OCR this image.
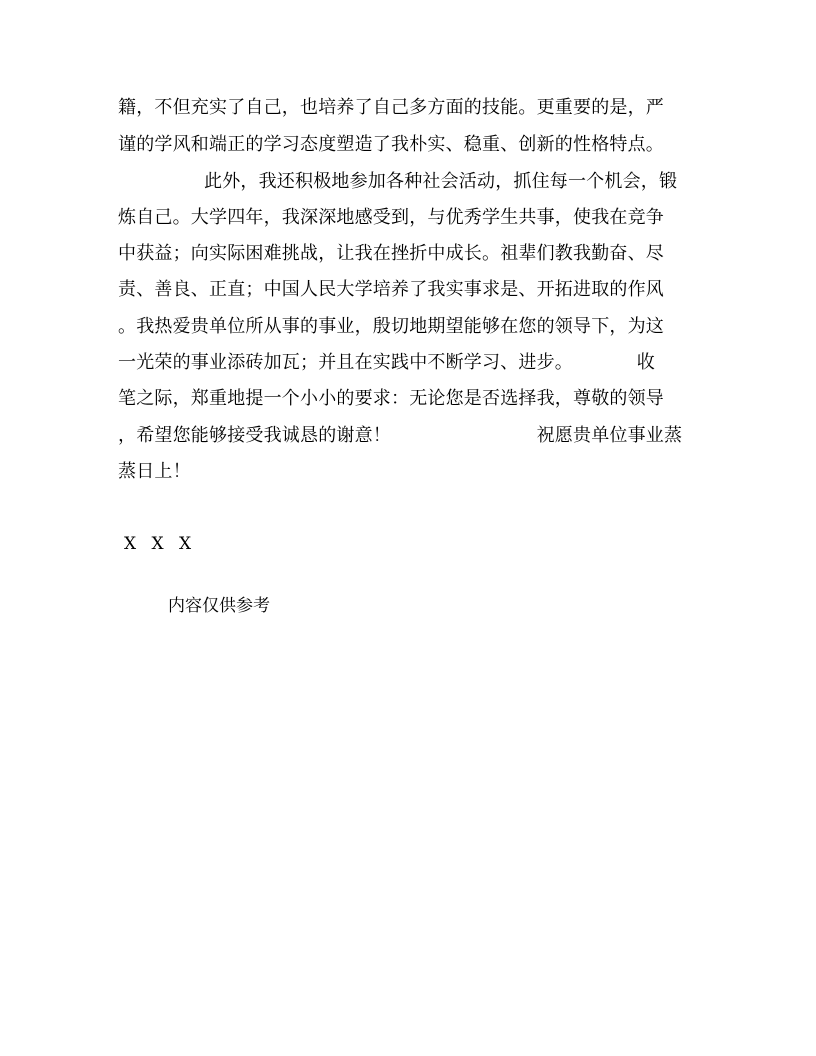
籍，不但充实了自己，也培养了自己多方面的技能。更重要的是，严
谨的学风和端正的学习态度塑造了我朴实、稳重、创新的性格特点。
此外，我还积极地参加各种社会活动，抓住每一个机会，锻
炼自己。大学四年，我深深地感受到，与优秀学生共事，使我在竞争
中获益；向实际困难挑战，让我在挫折中成长。祖辈们教我勤奋、尽
责、善良、正直；中国人民大学培养了我实事求是、开拓进取的作风
。我热爱贵单位所从事的事业，殷切地期望能够在您的领导下，为这
一光荣的事业添砖加瓦；并且在实践中不断学习、进步。　　　　收
笔之际，郑重地提一个小小的要求：无论您是否选择我，尊敬的领导
，希望您能够接受我诚恳的谢意！　　　　　　　　祝愿贵单位事业蒸
蒸日上！
X X X
内容仅供参考
